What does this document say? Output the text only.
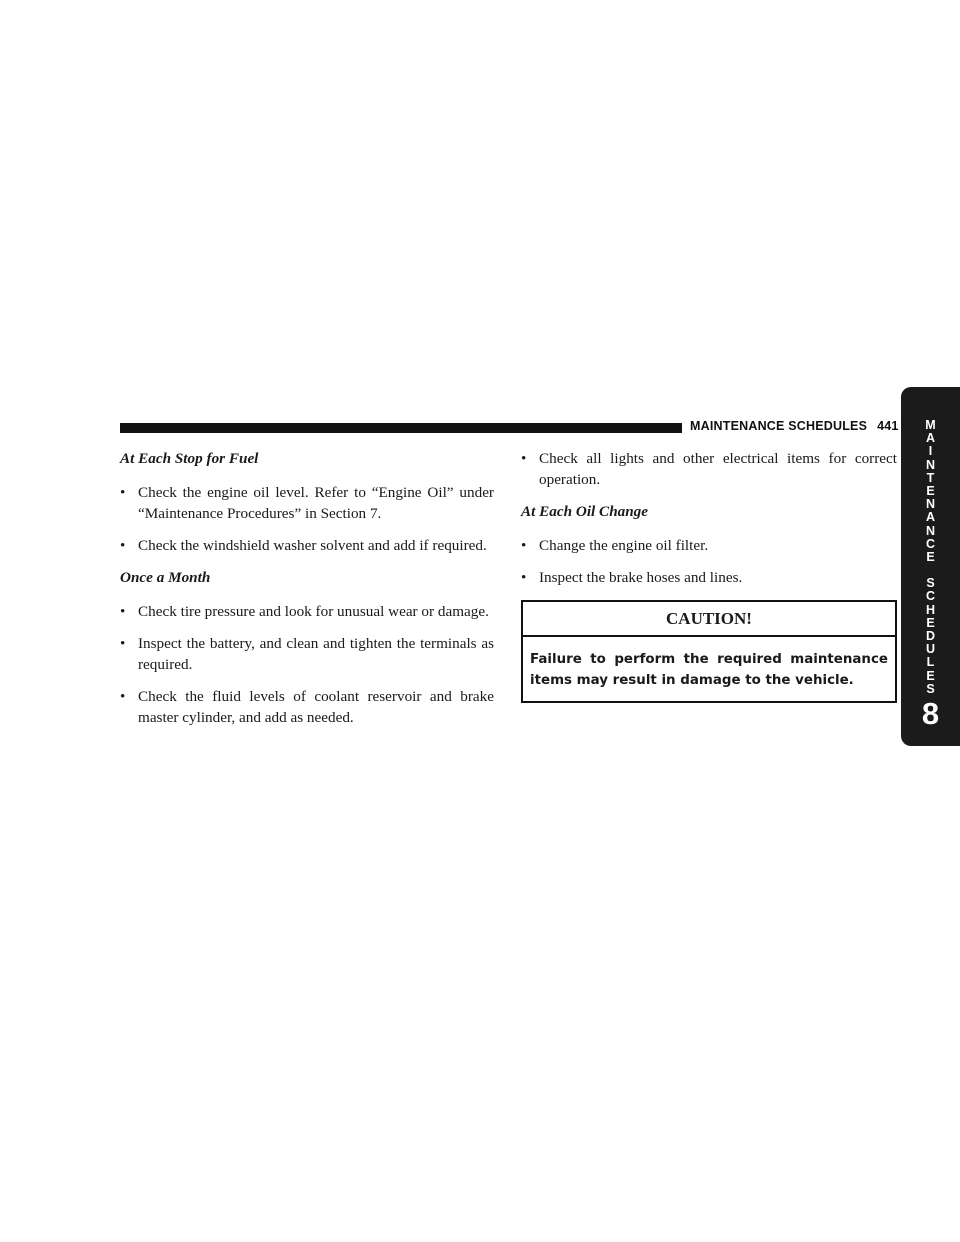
MAINTENANCE SCHEDULES 441 M
A
I
N
T
E
N
A
N
C
E
S
C
H
E
D
U
L
E
S
8
At Each Stop for Fuel
• Check the engine oil level. Refer to “Engine Oil” under “Maintenance Procedures” in Section 7.
• Check the windshield washer solvent and add if required.
Once a Month
• Check tire pressure and look for unusual wear or damage.
• Inspect the battery, and clean and tighten the terminals as required.
• Check the fluid levels of coolant reservoir and brake master cylinder, and add as needed.
• Check all lights and other electrical items for correct operation.
At Each Oil Change
• Change the engine oil filter.
• Inspect the brake hoses and lines.
CAUTION!
Failure to perform the required maintenance items may result in damage to the vehicle.
